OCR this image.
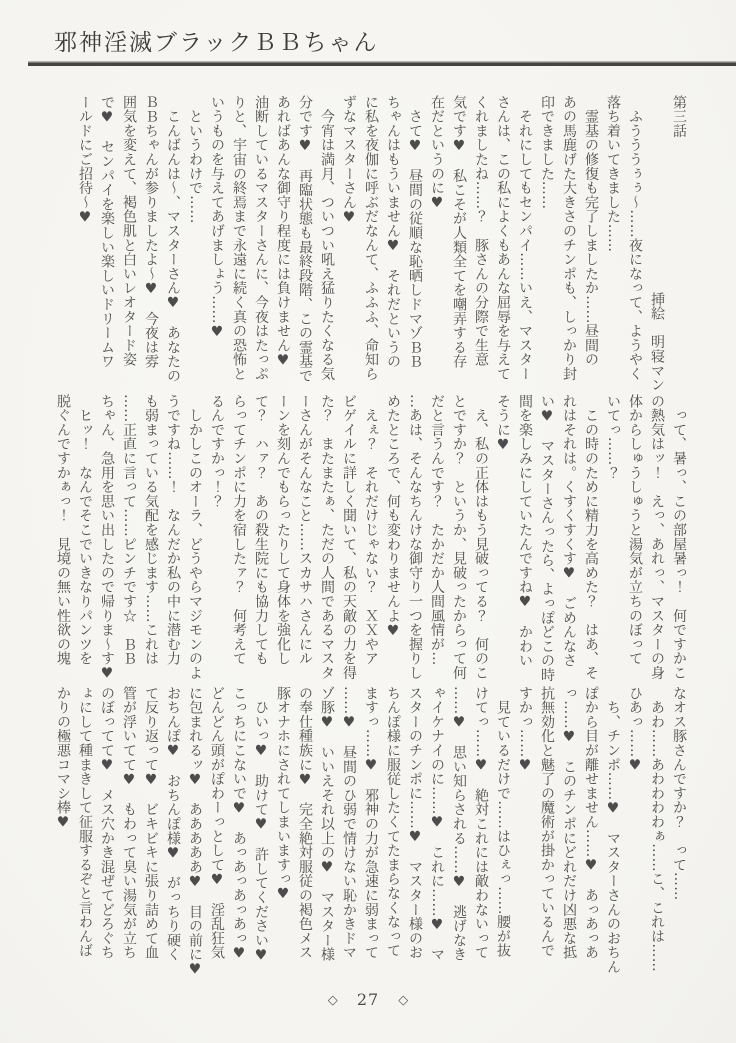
邪神淫滅ブラックＢＢちゃん
第三話
挿絵　明寝マン
　ふうううぅぅ～……夜になって、ようやく
落ち着いてきました……
　霊基の修復も完了しましたか……昼間の
あの馬鹿げた大きさのチンポも、しっかり封
印できました……
　それにしてもセンパイ……いえ、マスター
さんは、この私によくもあんな屈辱を与えて
くれましたね……？　豚さんの分際で生意
気です♥　私こそが人類全てを嘲弄する存
在だというのに♥
　さて♥　昼間の従順な恥晒しドマゾＢＢ
ちゃんはもういません♥　それだというの
に私を夜伽に呼ぶだなんて、ふふふ、命知ら
ずなマスターさん♥
　今宵は満月、ついつい吼え猛りたくなる気
分です♥　再臨状態も最終段階、この霊基で
あればあんな御守り程度には負けません♥
油断しているマスターさんに、今夜はたっぷ
りと、宇宙の終焉まで永遠に続く真の恐怖と
いうものを与えてあげましょう……♥
　というわけで……
　こんばんは～、マスターさん♥　あなたの
ＢＢちゃんが参りましたよ～♥　今夜は雰
囲気を変えて、褐色肌と白いレオタード姿
で♥　センパイを楽しい楽しいドリームワ
ールドにご招待～♥
　って、暑っ、この部屋暑っ！　何ですかこ
の熱気はッ！　えっ、あれっ、マスターの身
体からしゅうしゅうと湯気が立ちのぼって
いてっ……？
　この時のために精力を高めた？　はあ、そ
れはそれは。くすくすくす♥　ごめんなさ
い♥　マスターさんったら、よっぽどこの時
間を楽しみにしていたんですね♥　かわい
そうに♥
　え、私の正体はもう見破ってる？　何のこ
とですか？　というか、見破ったからって何
だと言うんです？　たかだか人間風情が…
…あは、そんなちんけな御守り一つを握りし
めたところで、何も変わりませんよ♥
　えぇ？　それだけじゃない？　ＸＸやア
ビゲイルに詳しく聞いて、私の天敵の力を得
た？　またまたぁ、ただの人間であるマスタ
ーさんがそんなこと……スカサハさんにル
ーンを刻んでもらったりして身体を強化し
て？　ハァ？　あの殺生院にも協力しても
らってチンポに力を宿したァ？　何考えて
るんですかっ！？
　しかしこのオーラ、どうやらマジモンのよ
うですね……！　なんだか私の中に潜む力
も弱まっている気配を感じます……これは
……正直に言って……ピンチです☆　ＢＢ
ちゃん、急用を思い出したので帰りま～す♥
　ヒッ！　なんでそこでいきなりパンツを
脱ぐんですかぁっ！　見境の無い性欲の塊
なオス豚さんですか？　って……
　あわ……あわわわわぁ……こ、これは……
ひあっ……♥
　ち、チンポ……♥　マスターさんのおちん
ぽから目が離せません……♥　あっあっあ
っ……♥　このチンポにどれだけ凶悪な抵
抗無効化と魅了の魔術が掛かっているんで
すかっ……♥
　見ているだけで……はひぇっ……腰が抜
けてっ……♥　絶対これには敵わないって
……♥　思い知らされる……♥　逃げなき
ゃイケナイのに……♥　これに……♥　マ
スターのチンポに……♥　マスター様のお
ちんぽ様に服従したくてたまらなくなって
ますっ……♥　邪神の力が急速に弱まって
……♥　昼間のひ弱で情けない恥かきドマ
ゾ豚♥　いいえそれ以上の♥　マスター様
の奉仕種族に♥　完全絶対服従の褐色メス
豚オナホにされてしまいますっ♥
　ひいっ♥　助けて♥　許してください♥
こっちにこないで♥　あっあっあっあっ♥
どんどん頭がぽわーっとして♥　淫乱狂気
に包まれるッ♥　あああああ♥　目の前に♥
おちんぽ♥　おちんぽ様♥　がっちり硬く
て反り返って♥　ビキビキに張り詰めて血
管が浮いてて♥　もわって臭い湯気が立ち
のぼってて♥　メス穴かき混ぜてどろぐち
ょにして種まきして征服するぞと言わんば
かりの極悪コマシ棒♥
◇ 27 ◇
